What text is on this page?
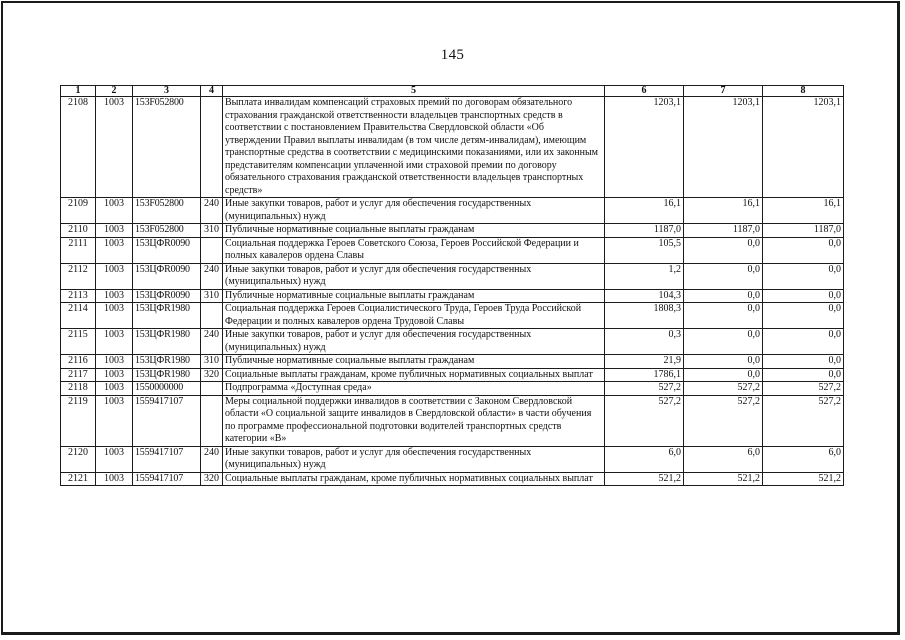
145
1	2	3	4	5	6	7	8
2108	1003	153F052800		Выплата инвалидам компенсаций страховых премий по договорам обязательного страхования гражданской ответственности владельцев транспортных средств в соответствии с постановлением Правительства Свердловской области «Об утверждении Правил выплаты инвалидам (в том числе детям-инвалидам), имеющим транспортные средства в соответствии с медицинскими показаниями, или их законным представителям компенсации уплаченной ими страховой премии по договору обязательного страхования гражданской ответственности владельцев транспортных средств»	1203,1	1203,1	1203,1
2109	1003	153F052800	240	Иные закупки товаров, работ и услуг для обеспечения государственных (муниципальных) нужд	16,1	16,1	16,1
2110	1003	153F052800	310	Публичные нормативные социальные выплаты гражданам	1187,0	1187,0	1187,0
2111	1003	153ЦФR0090		Социальная поддержка Героев Советского Союза, Героев Российской Федерации и полных кавалеров ордена Славы	105,5	0,0	0,0
2112	1003	153ЦФR0090	240	Иные закупки товаров, работ и услуг для обеспечения государственных (муниципальных) нужд	1,2	0,0	0,0
2113	1003	153ЦФR0090	310	Публичные нормативные социальные выплаты гражданам	104,3	0,0	0,0
2114	1003	153ЦФR1980		Социальная поддержка Героев Социалистического Труда, Героев Труда Российской Федерации и полных кавалеров ордена Трудовой Славы	1808,3	0,0	0,0
2115	1003	153ЦФR1980	240	Иные закупки товаров, работ и услуг для обеспечения государственных (муниципальных) нужд	0,3	0,0	0,0
2116	1003	153ЦФR1980	310	Публичные нормативные социальные выплаты гражданам	21,9	0,0	0,0
2117	1003	153ЦФR1980	320	Социальные выплаты гражданам, кроме публичных нормативных социальных выплат	1786,1	0,0	0,0
2118	1003	1550000000		Подпрограмма «Доступная среда»	527,2	527,2	527,2
2119	1003	1559417107		Меры социальной поддержки инвалидов в соответствии с Законом Свердловской области «О социальной защите инвалидов в Свердловской области» в части обучения по программе профессиональной подготовки водителей транспортных средств категории «В»	527,2	527,2	527,2
2120	1003	1559417107	240	Иные закупки товаров, работ и услуг для обеспечения государственных (муниципальных) нужд	6,0	6,0	6,0
2121	1003	1559417107	320	Социальные выплаты гражданам, кроме публичных нормативных социальных выплат	521,2	521,2	521,2
